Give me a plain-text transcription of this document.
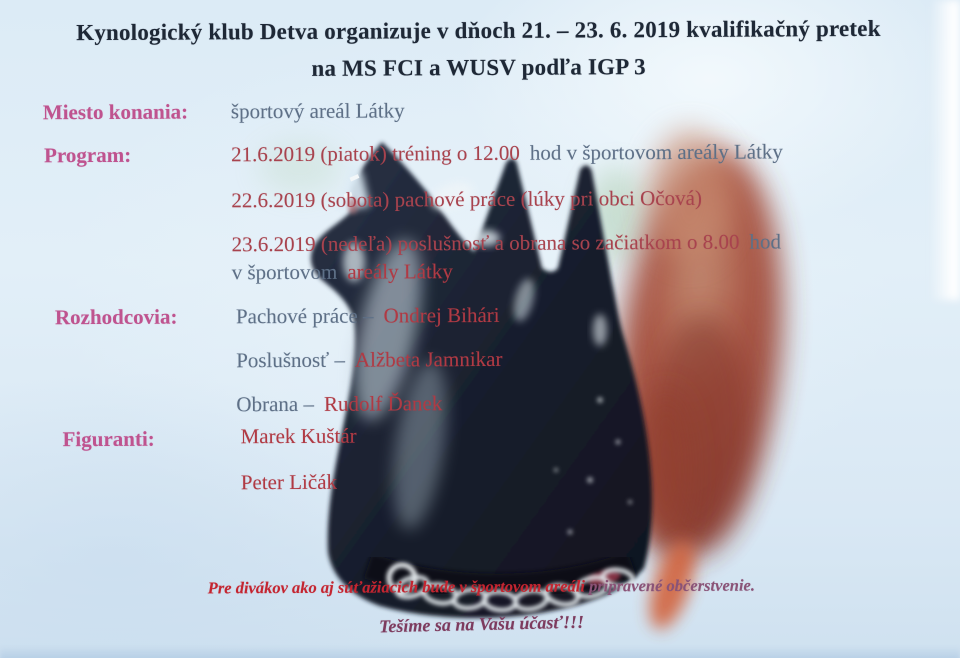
Kynologický klub Detva organizuje v dňoch 21. – 23. 6. 2019 kvalifikačný pretek
na MS FCI a WUSV podľa IGP 3
Miesto konania: športový areál Látky
Program:	21.6.2019 (piatok) tréning o 12.00 hod v športovom areály Látky
22.6.2019 (sobota) pachové práce (lúky pri obci Očová)
23.6.2019 (nedeľa) poslušnosť a obrana so začiatkom o 8.00 hod
v športovom areály Látky
Rozhodcovia:	Pachové práce – Ondrej Bihári
Poslušnosť – Alžbeta Jamnikar
Obrana – Rudolf Ďanek
Figuranti:	Marek Kuštár
Peter Ličák
Pre divákov ako aj súťažiacich bude v športovom areáli pripravené občerstvenie.
Tešíme sa na Vašu účasť!!!
